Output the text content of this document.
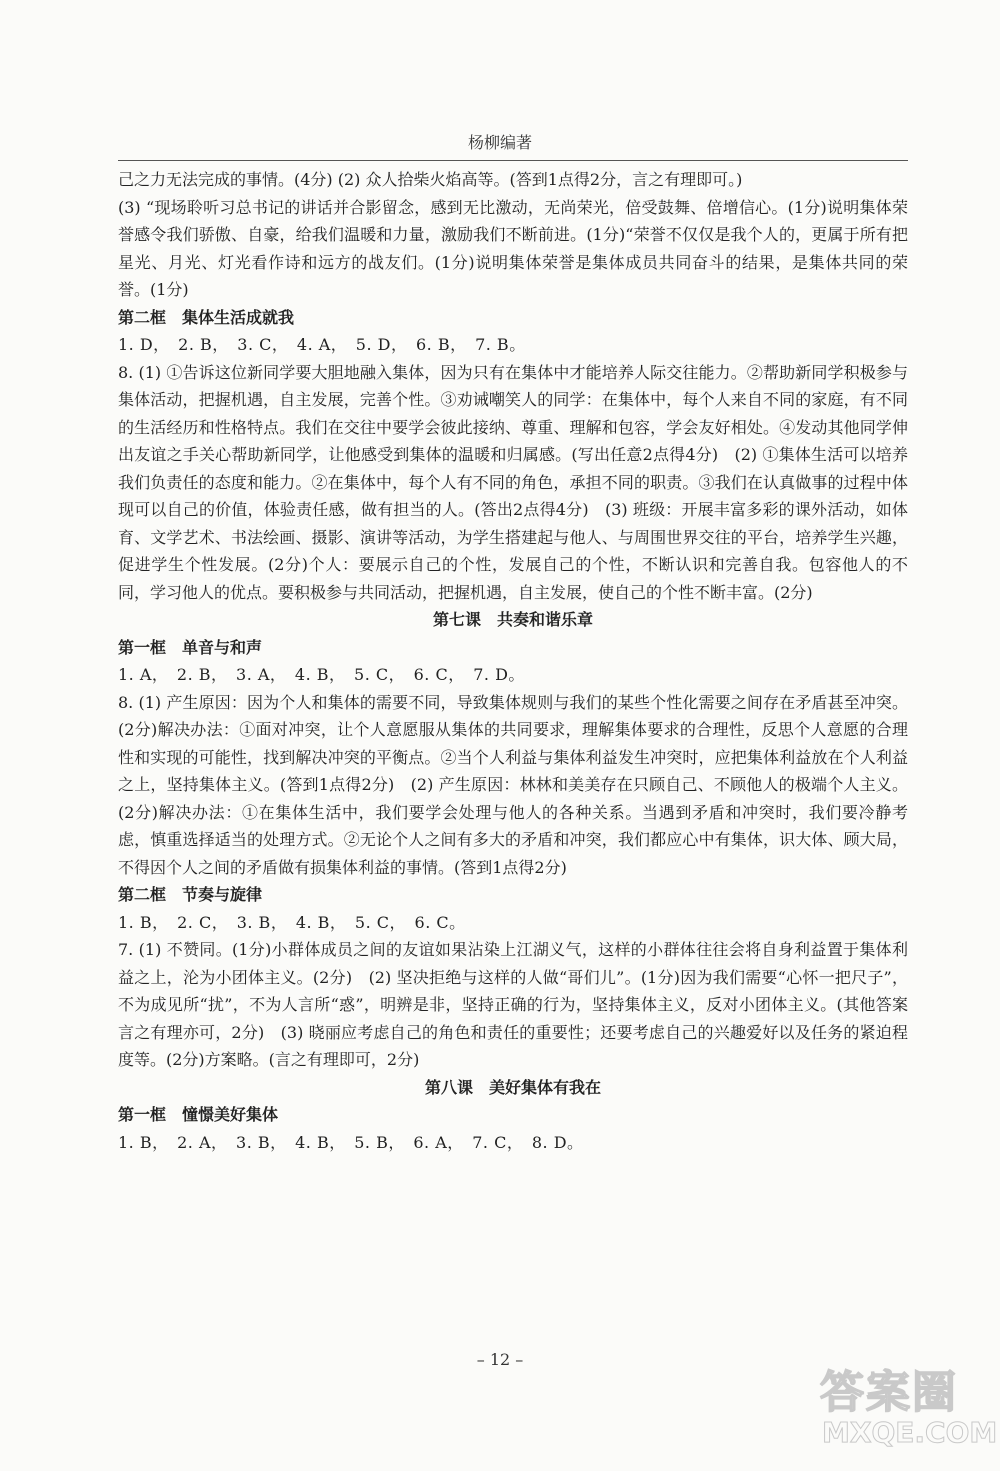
杨柳编著

己之力无法完成的事情。(4分) (2) 众人拾柴火焰高等。(答到1点得2分，言之有理即可。)

(3) “现场聆听习总书记的讲话并合影留念，感到无比激动，无尚荣光，倍受鼓舞、倍增信心。(1分)说明集体荣誉感令我们骄傲、自豪，给我们温暖和力量，激励我们不断前进。(1分)“荣誉不仅仅是我个人的，更属于所有把星光、月光、灯光看作诗和远方的战友们。(1分)说明集体荣誉是集体成员共同奋斗的结果，是集体共同的荣誉。(1分)

第二框　集体生活成就我

1. D，　2. B，　3. C，　4. A，　5. D，　6. B，　7. B。

8. (1) ①告诉这位新同学要大胆地融入集体，因为只有在集体中才能培养人际交往能力。②帮助新同学积极参与集体活动，把握机遇，自主发展，完善个性。③劝诫嘲笑人的同学：在集体中，每个人来自不同的家庭，有不同的生活经历和性格特点。我们在交往中要学会彼此接纳、尊重、理解和包容，学会友好相处。④发动其他同学伸出友谊之手关心帮助新同学，让他感受到集体的温暖和归属感。(写出任意2点得4分)　(2) ①集体生活可以培养我们负责任的态度和能力。②在集体中，每个人有不同的角色，承担不同的职责。③我们在认真做事的过程中体现可以自己的价值，体验责任感，做有担当的人。(答出2点得4分)　(3) 班级：开展丰富多彩的课外活动，如体育、文学艺术、书法绘画、摄影、演讲等活动，为学生搭建起与他人、与周围世界交往的平台，培养学生兴趣，促进学生个性发展。(2分)个人：要展示自己的个性，发展自己的个性，不断认识和完善自我。包容他人的不同，学习他人的优点。要积极参与共同活动，把握机遇，自主发展，使自己的个性不断丰富。(2分)

第七课　共奏和谐乐章

第一框　单音与和声

1. A，　2. B，　3. A，　4. B，　5. C，　6. C，　7. D。

8. (1) 产生原因：因为个人和集体的需要不同，导致集体规则与我们的某些个性化需要之间存在矛盾甚至冲突。(2分)解决办法：①面对冲突，让个人意愿服从集体的共同要求，理解集体要求的合理性，反思个人意愿的合理性和实现的可能性，找到解决冲突的平衡点。②当个人利益与集体利益发生冲突时，应把集体利益放在个人利益之上，坚持集体主义。(答到1点得2分)　(2) 产生原因：林林和美美存在只顾自己、不顾他人的极端个人主义。(2分)解决办法：①在集体生活中，我们要学会处理与他人的各种关系。当遇到矛盾和冲突时，我们要冷静考虑，慎重选择适当的处理方式。②无论个人之间有多大的矛盾和冲突，我们都应心中有集体，识大体、顾大局，不得因个人之间的矛盾做有损集体利益的事情。(答到1点得2分)

第二框　节奏与旋律

1. B，　2. C，　3. B，　4. B，　5. C，　6. C。

7. (1) 不赞同。(1分)小群体成员之间的友谊如果沾染上江湖义气，这样的小群体往往会将自身利益置于集体利益之上，沦为小团体主义。(2分)　(2) 坚决拒绝与这样的人做“哥们儿”。(1分)因为我们需要“心怀一把尺子”，不为成见所“扰”，不为人言所“惑”，明辨是非，坚持正确的行为，坚持集体主义，反对小团体主义。(其他答案言之有理亦可，2分)　(3) 晓丽应考虑自己的角色和责任的重要性；还要考虑自己的兴趣爱好以及任务的紧迫程度等。(2分)方案略。(言之有理即可，2分)

第八课　美好集体有我在

第一框　憧憬美好集体

1. B，　2. A，　3. B，　4. B，　5. B，　6. A，　7. C，　8. D。

– 12 –
答案圈
MXQE.COM
